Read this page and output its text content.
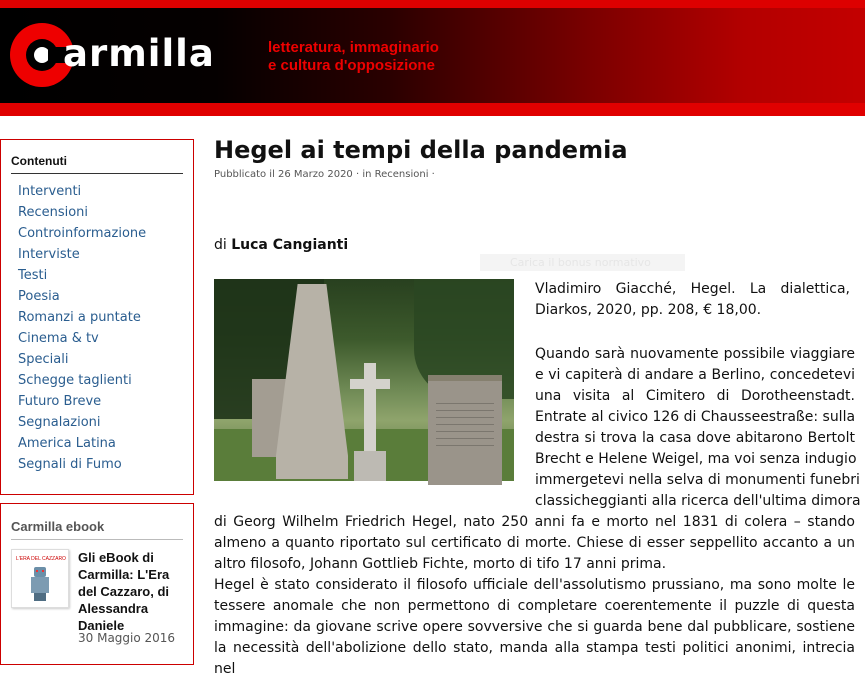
armilla	letteratura, immaginario
e cultura d'opposizione
Contenuti
Interventi
Recensioni
Controinformazione
Interviste
Testi
Poesia
Romanzi a puntate
Cinema & tv
Speciali
Schegge taglienti
Futuro Breve
Segnalazioni
America Latina
Segnali di Fumo
Carmilla ebook
L'ERA DEL CAZZARO Gli eBook di Carmilla: L'Era del Cazzaro, di Alessandra Daniele
30 Maggio 2016
Hegel ai tempi della pandemia
Pubblicato il 26 Marzo 2020 · in Recensioni ·
di Luca Cangianti
Carica il bonus normativo

Vladimiro Giacché, Hegel. La dialettica,

Diarkos, 2020, pp. 208, € 18,00.

Quando sarà nuovamente possibile viaggiare
e vi capiterà di andare a Berlino, concedetevi
una visita al Cimitero di Dorotheenstadt.
Entrate al civico 126 di Chausseestraße: sulla
destra si trova la casa dove abitarono Bertolt
Brecht e Helene Weigel, ma voi senza indugio
immergetevi nella selva di monumenti funebri
classicheggianti alla ricerca dell'ultima dimora
di Georg Wilhelm Friedrich Hegel, nato 250 anni fa e morto nel 1831 di colera – stando
almeno a quanto riportato sul certificato di morte. Chiese di esser seppellito accanto a un

altro filosofo, Johann Gottlieb Fichte, morto di tifo 17 anni prima.

Hegel è stato considerato il filosofo ufficiale dell'assolutismo prussiano, ma sono molte le
tessere anomale che non permettono di completare coerentemente il puzzle di questa
immagine: da giovane scrive opere sovversive che si guarda bene dal pubblicare, sostiene
la necessità dell'abolizione dello stato, manda alla stampa testi politici anonimi, intrecia nel
